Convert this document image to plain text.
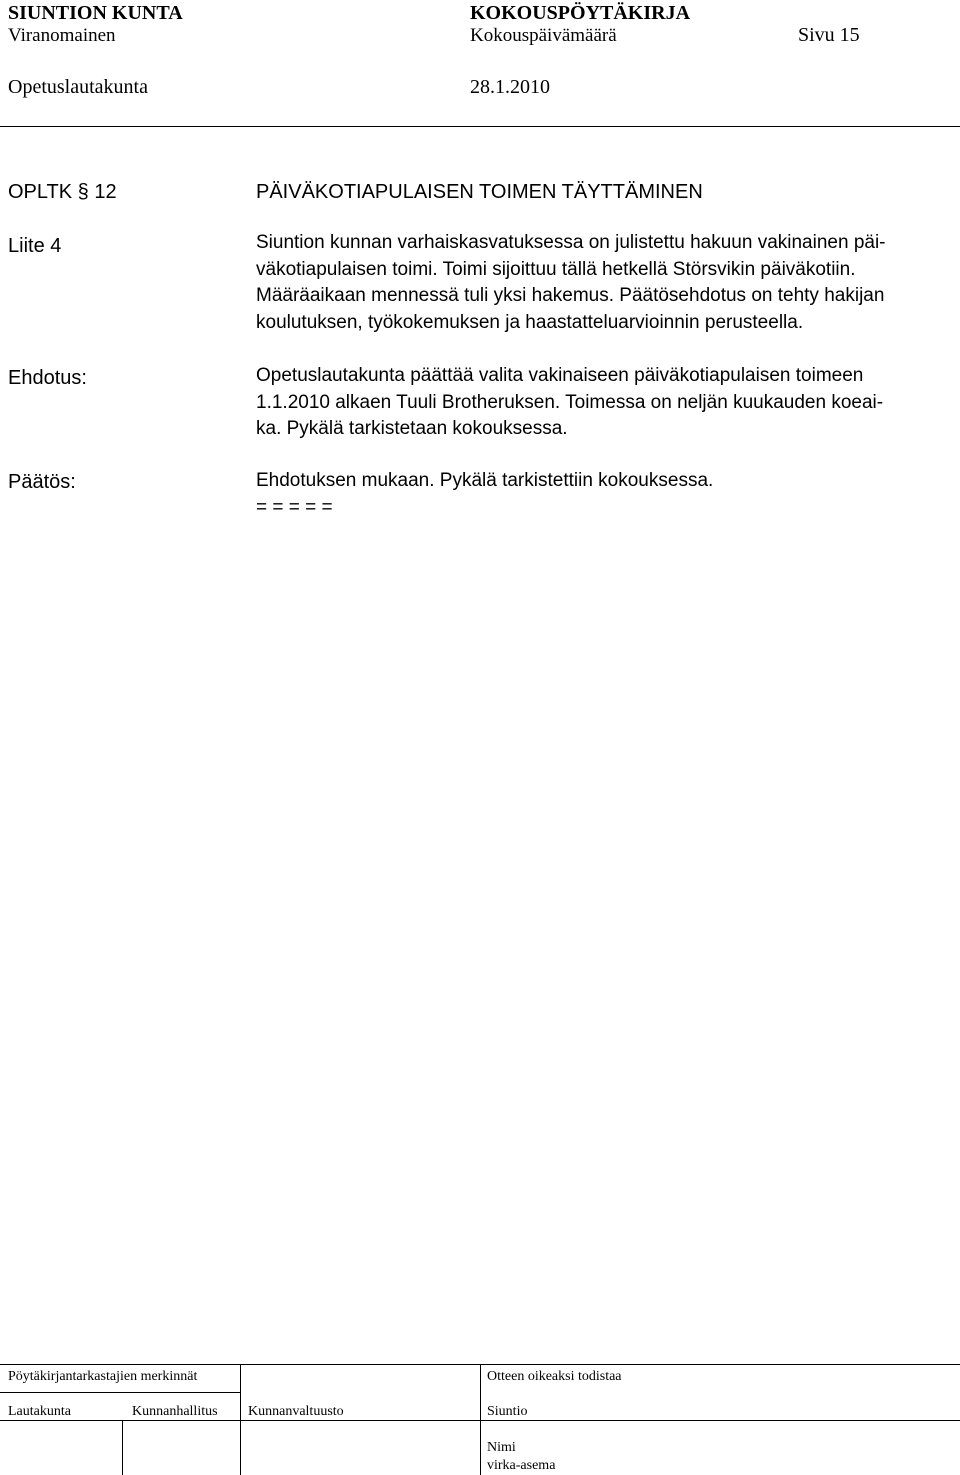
SIUNTION KUNTA	KOKOUSPÖYTÄKIRJA
Viranomainen	Kokouspäivämäärä	Sivu 15
Opetuslautakunta	28.1.2010
OPLTK § 12	PÄIVÄKOTIAPULAISEN TOIMEN TÄYTTÄMINEN
Liite 4	Siuntion kunnan varhaiskasvatuksessa on julistettu hakuun vakinainen päi-
väkotiapulaisen toimi. Toimi sijoittuu tällä hetkellä Störsvikin päiväkotiin.
Määräaikaan mennessä tuli yksi hakemus. Päätösehdotus on tehty hakijan
koulutuksen, työkokemuksen ja haastatteluarvioinnin perusteella.
Ehdotus:	Opetuslautakunta päättää valita vakinaiseen päiväkotiapulaisen toimeen
1.1.2010 alkaen Tuuli Brotheruksen. Toimessa on neljän kuukauden koeai-
ka. Pykälä tarkistetaan kokouksessa.
Päätös:	Ehdotuksen mukaan. Pykälä tarkistettiin kokouksessa.
= = = = =
Pöytäkirjantarkastajien merkinnät	Otteen oikeaksi todistaa
Lautakunta	Kunnanhallitus Kunnanvaltuusto	Siuntio
Nimi
virka-asema
